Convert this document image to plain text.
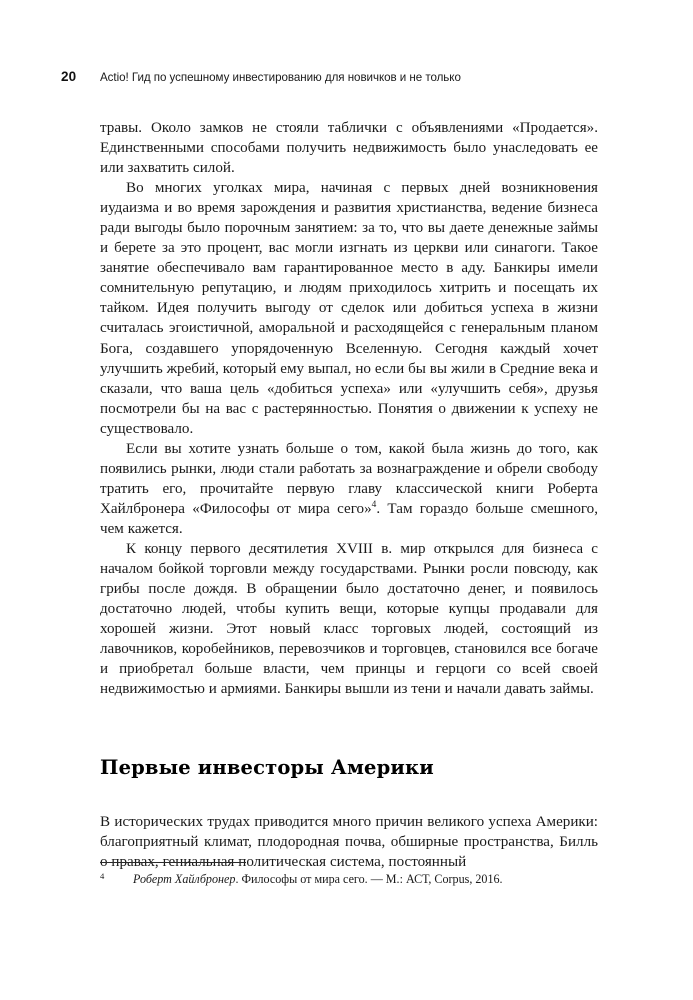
20 Actio! Гид по успешному инвестированию для новичков и не только

травы. Около замков не стояли таблички с объявлениями «Продается». Единственными способами получить недвижимость было унаследовать ее или захватить силой.

Во многих уголках мира, начиная с первых дней возникновения иудаизма и во время зарождения и развития христианства, ведение бизнеса ради выгоды было порочным занятием: за то, что вы даете денежные займы и берете за это процент, вас могли изгнать из церкви или синагоги. Такое занятие обеспечивало вам гарантированное место в аду. Банкиры имели сомнительную репутацию, и людям приходилось хитрить и посещать их тайком. Идея получить выгоду от сделок или добиться успеха в жизни считалась эгоистичной, аморальной и расходящейся с генеральным планом Бога, создавшего упорядоченную Вселенную. Сегодня каждый хочет улучшить жребий, который ему выпал, но если бы вы жили в Средние века и сказали, что ваша цель «добиться успеха» или «улучшить себя», друзья посмотрели бы на вас с растерянностью. Понятия о движении к успеху не существовало.

Если вы хотите узнать больше о том, какой была жизнь до того, как появились рынки, люди стали работать за вознаграждение и обрели свободу тратить его, прочитайте первую главу классической книги Роберта Хайлбронера «Философы от мира сего»$^4$. Там гораздо больше смешного, чем кажется.

К концу первого десятилетия XVIII в. мир открылся для бизнеса с началом бойкой торговли между государствами. Рынки росли повсюду, как грибы после дождя. В обращении было достаточно денег, и появилось достаточно людей, чтобы купить вещи, которые купцы продавали для хорошей жизни. Этот новый класс торговых людей, состоящий из лавочников, коробейников, перевозчиков и торговцев, становился все богаче и приобретал больше власти, чем принцы и герцоги со всей своей недвижимостью и армиями. Банкиры вышли из тени и начали давать займы.

Первые инвесторы Америки

В исторических трудах приводится много причин великого успеха Америки: благоприятный климат, плодородная почва, обширные пространства, Билль о правах, гениальная политическая система, постоянный

4 Роберт Хайлбронер. Философы от мира сего. — М.: АСТ, Corpus, 2016.
